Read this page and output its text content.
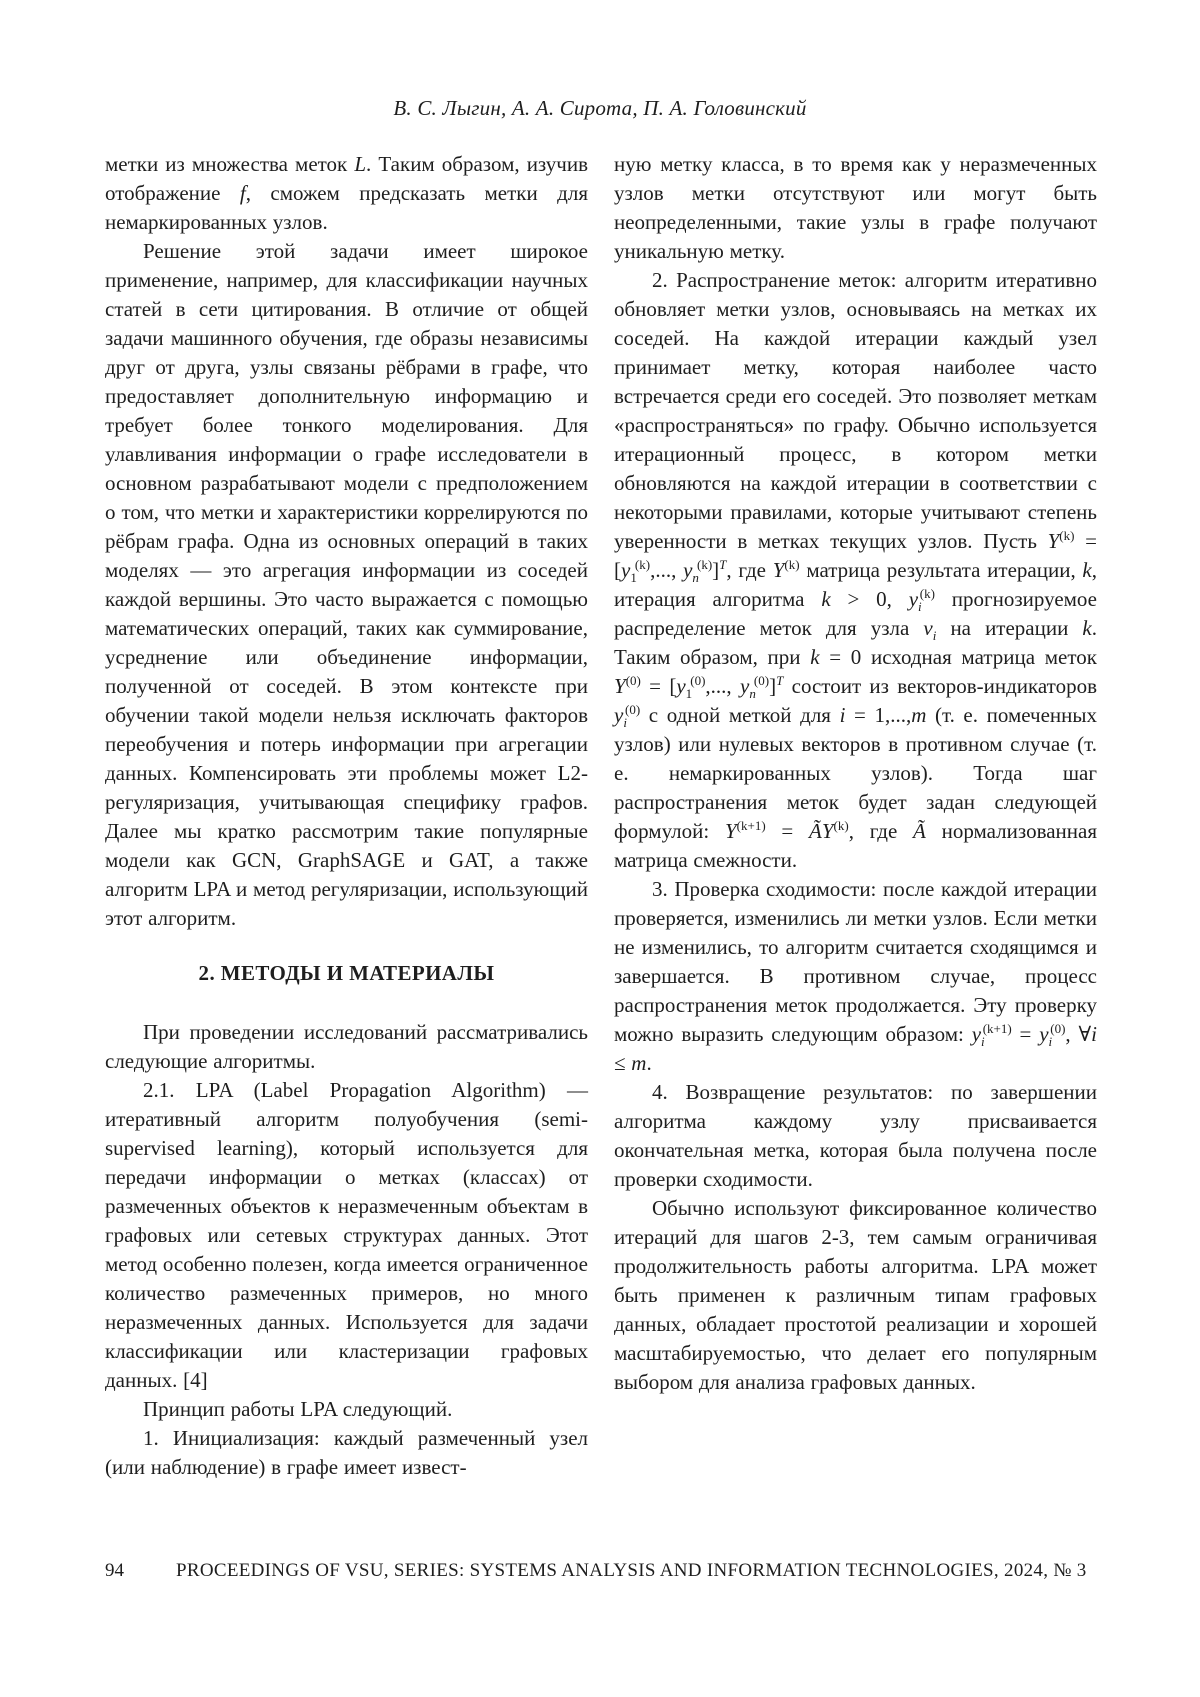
В. С. Лыгин, А. А. Сирота, П. А. Головинский

метки из множества меток L. Таким образом, изучив отображение f, сможем предсказать метки для немаркированных узлов.

Решение этой задачи имеет широкое применение, например, для классификации научных статей в сети цитирования. В отличие от общей задачи машинного обучения, где образы независимы друг от друга, узлы связаны рёбрами в графе, что предоставляет дополнительную информацию и требует более тонкого моделирования. Для улавливания информации о графе исследователи в основном разрабатывают модели с предположением о том, что метки и характеристики коррелируются по рёбрам графа. Одна из основных операций в таких моделях — это агрегация информации из соседей каждой вершины. Это часто выражается с помощью математических операций, таких как суммирование, усреднение или объединение информации, полученной от соседей. В этом контексте при обучении такой модели нельзя исключать факторов переобучения и потерь информации при агрегации данных. Компенсировать эти проблемы может L2-регуляризация, учитывающая специфику графов. Далее мы кратко рассмотрим такие популярные модели как GCN, GraphSAGE и GAT, а также алгоритм LPA и метод регуляризации, использующий этот алгоритм.

2. МЕТОДЫ И МАТЕРИАЛЫ

При проведении исследований рассматривались следующие алгоритмы.

2.1. LPA (Label Propagation Algorithm) — итеративный алгоритм полуобучения (semi-supervised learning), который используется для передачи информации о метках (классах) от размеченных объектов к неразмеченным объектам в графовых или сетевых структурах данных. Этот метод особенно полезен, когда имеется ограниченное количество размеченных примеров, но много неразмеченных данных. Используется для задачи классификации или кластеризации графовых данных. [4]

Принцип работы LPA следующий.

1. Инициализация: каждый размеченный узел (или наблюдение) в графе имеет извест-

ную метку класса, в то время как у неразмеченных узлов метки отсутствуют или могут быть неопределенными, такие узлы в графе получают уникальную метку.

2. Распространение меток: алгоритм итеративно обновляет метки узлов, основываясь на метках их соседей. На каждой итерации каждый узел принимает метку, которая наиболее часто встречается среди его соседей. Это позволяет меткам «распространяться» по графу. Обычно используется итерационный процесс, в котором метки обновляются на каждой итерации в соответствии с некоторыми правилами, которые учитывают степень уверенности в метках текущих узлов. Пусть $Y^{(k)} = [y_1^{(k)}$,..., $y_n^{(k)}]^T$, где $Y^{(k)}$ матрица результата итерации, k, итерация алгоритма k > 0, $y_i^{(k)}$ прогнозируемое распределение меток для узла $v_i$ на итерации k. Таким образом, при k = 0 исходная матрица меток $Y^{(0)} = [y_1^{(0)}$,..., $y_n^{(0)}]^T$ состоит из векторов-индикаторов $y_i^{(0)}$ с одной меткой для i = 1,...,m (т. е. помеченных узлов) или нулевых векторов в противном случае (т. е. немаркированных узлов). Тогда шаг распространения меток будет задан следующей формулой: $Y^{(k+1)}$ = $ÃY^{(k)}$, где Ã нормализованная матрица смежности.

3. Проверка сходимости: после каждой итерации проверяется, изменились ли метки узлов. Если метки не изменились, то алгоритм считается сходящимся и завершается. В противном случае, процесс распространения меток продолжается. Эту проверку можно выразить следующим образом: $y_i^{(k+1)} = y_i^{(0)}$, ∀i ≤ m.

4. Возвращение результатов: по завершении алгоритма каждому узлу присваивается окончательная метка, которая была получена после проверки сходимости.

Обычно используют фиксированное количество итераций для шагов 2-3, тем самым ограничивая продолжительность работы алгоритма. LPA может быть применен к различным типам графовых данных, обладает простотой реализации и хорошей масштабируемостью, что делает его популярным выбором для анализа графовых данных.

94	PROCEEDINGS OF VSU, SERIES: SYSTEMS ANALYSIS AND INFORMATION TECHNOLOGIES, 2024, № 3
